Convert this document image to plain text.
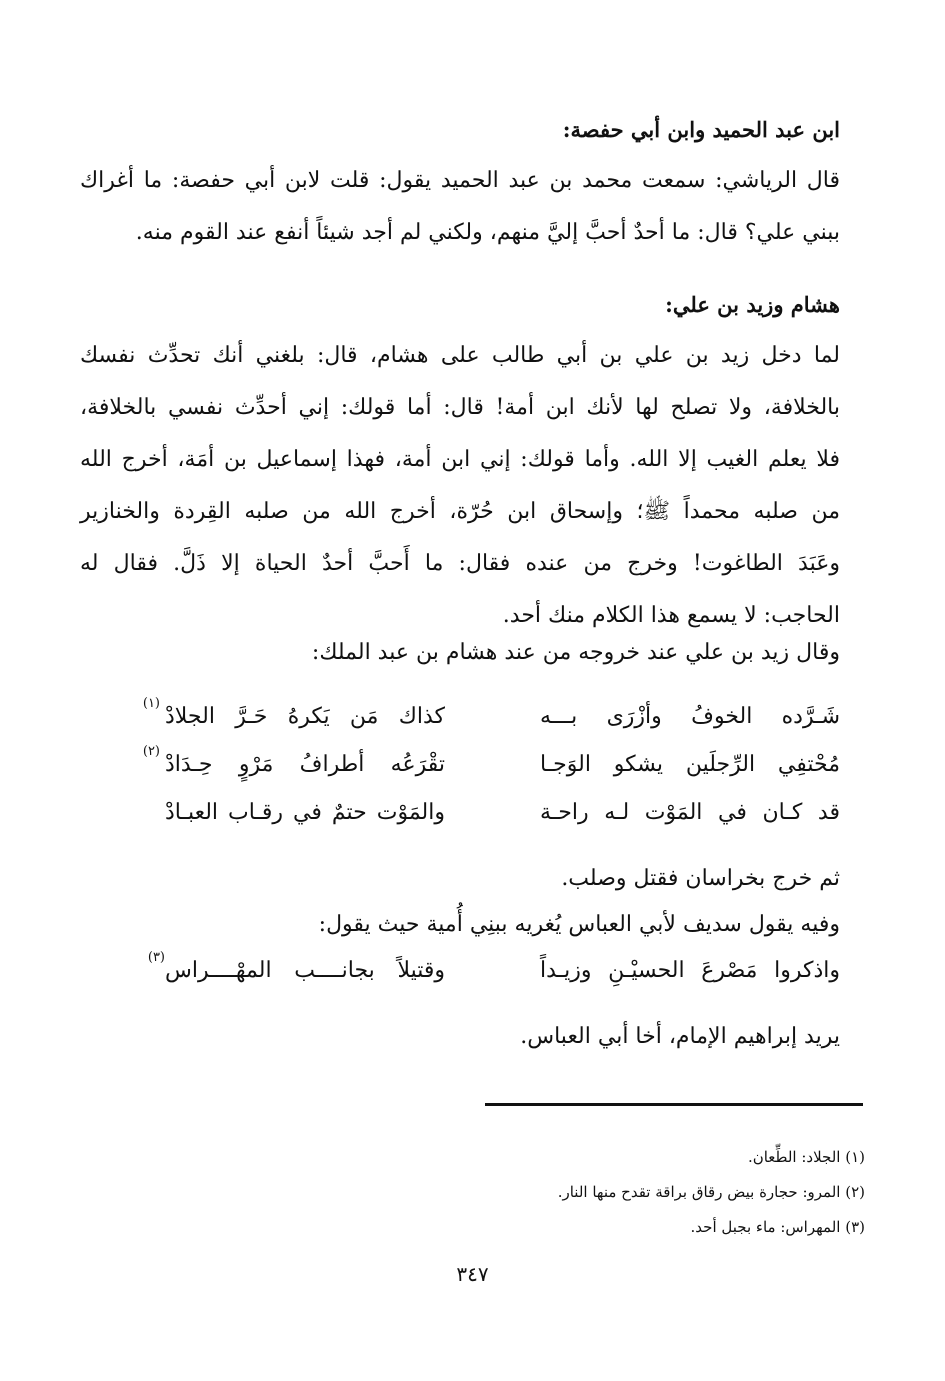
ابن عبد الحميد وابن أبي حفصة:
قال الرياشي: سمعت محمد بن عبد الحميد يقول: قلت لابن أبي حفصة: ما أغراك
ببني علي؟ قال: ما أحدٌ أحبَّ إليَّ منهم، ولكني لم أجد شيئاً أنفع عند القوم منه.
هشام وزيد بن علي:
لما دخل زيد بن علي بن أبي طالب على هشام، قال: بلغني أنك تحدِّث نفسك
بالخلافة، ولا تصلح لها لأنك ابن أمة! قال: أما قولك: إني أحدِّث نفسي بالخلافة،
فلا يعلم الغيب إلا الله. وأما قولك: إني ابن أمة، فهذا إسماعيل بن أمَة، أخرج الله
من صلبه محمداً ﷺ؛ وإسحاق ابن حُرّة، أخرج الله من صلبه القِردة والخنازير
وعَبَدَ الطاغوت! وخرج من عنده فقال: ما أَحبَّ أحدٌ الحياة إلا ذَلَّ. فقال له
الحاجب: لا يسمع هذا الكلام منك أحد.
وقال زيد بن علي عند خروجه من عند هشام بن عبد الملك:
شَـرَّده الخوفُ وأزْرَى بـــه
كذاك مَن يَكرهُ حَـرَّ الجلادْ
(١)
مُحْتفِي الرِّجلَين يشكو الوَجـا
تقْرَعُه أطرافُ مَرْوٍ حِـدَادْ
(٢)
قد كـان في المَوْت لـه راحـة
والمَوْت حتمٌ في رقـاب العبـادْ
ثم خرج بخراسان فقتل وصلب.
وفيه يقول سديف لأبي العباس يُغريه ببنِي أُمية حيث يقول:
واذكروا مَصْرعَ الحسيْـنِ وزيـداً
وقتيلاً بجانــــب المهْــــراس
(٣)
يريد إبراهيم الإمام، أخا أبي العباس.
(١) الجلاد: الطِّعان.
(٢) المرو: حجارة بيض رقاق براقة تقدح منها النار.
(٣) المهراس: ماء بجبل أحد.
٣٤٧
